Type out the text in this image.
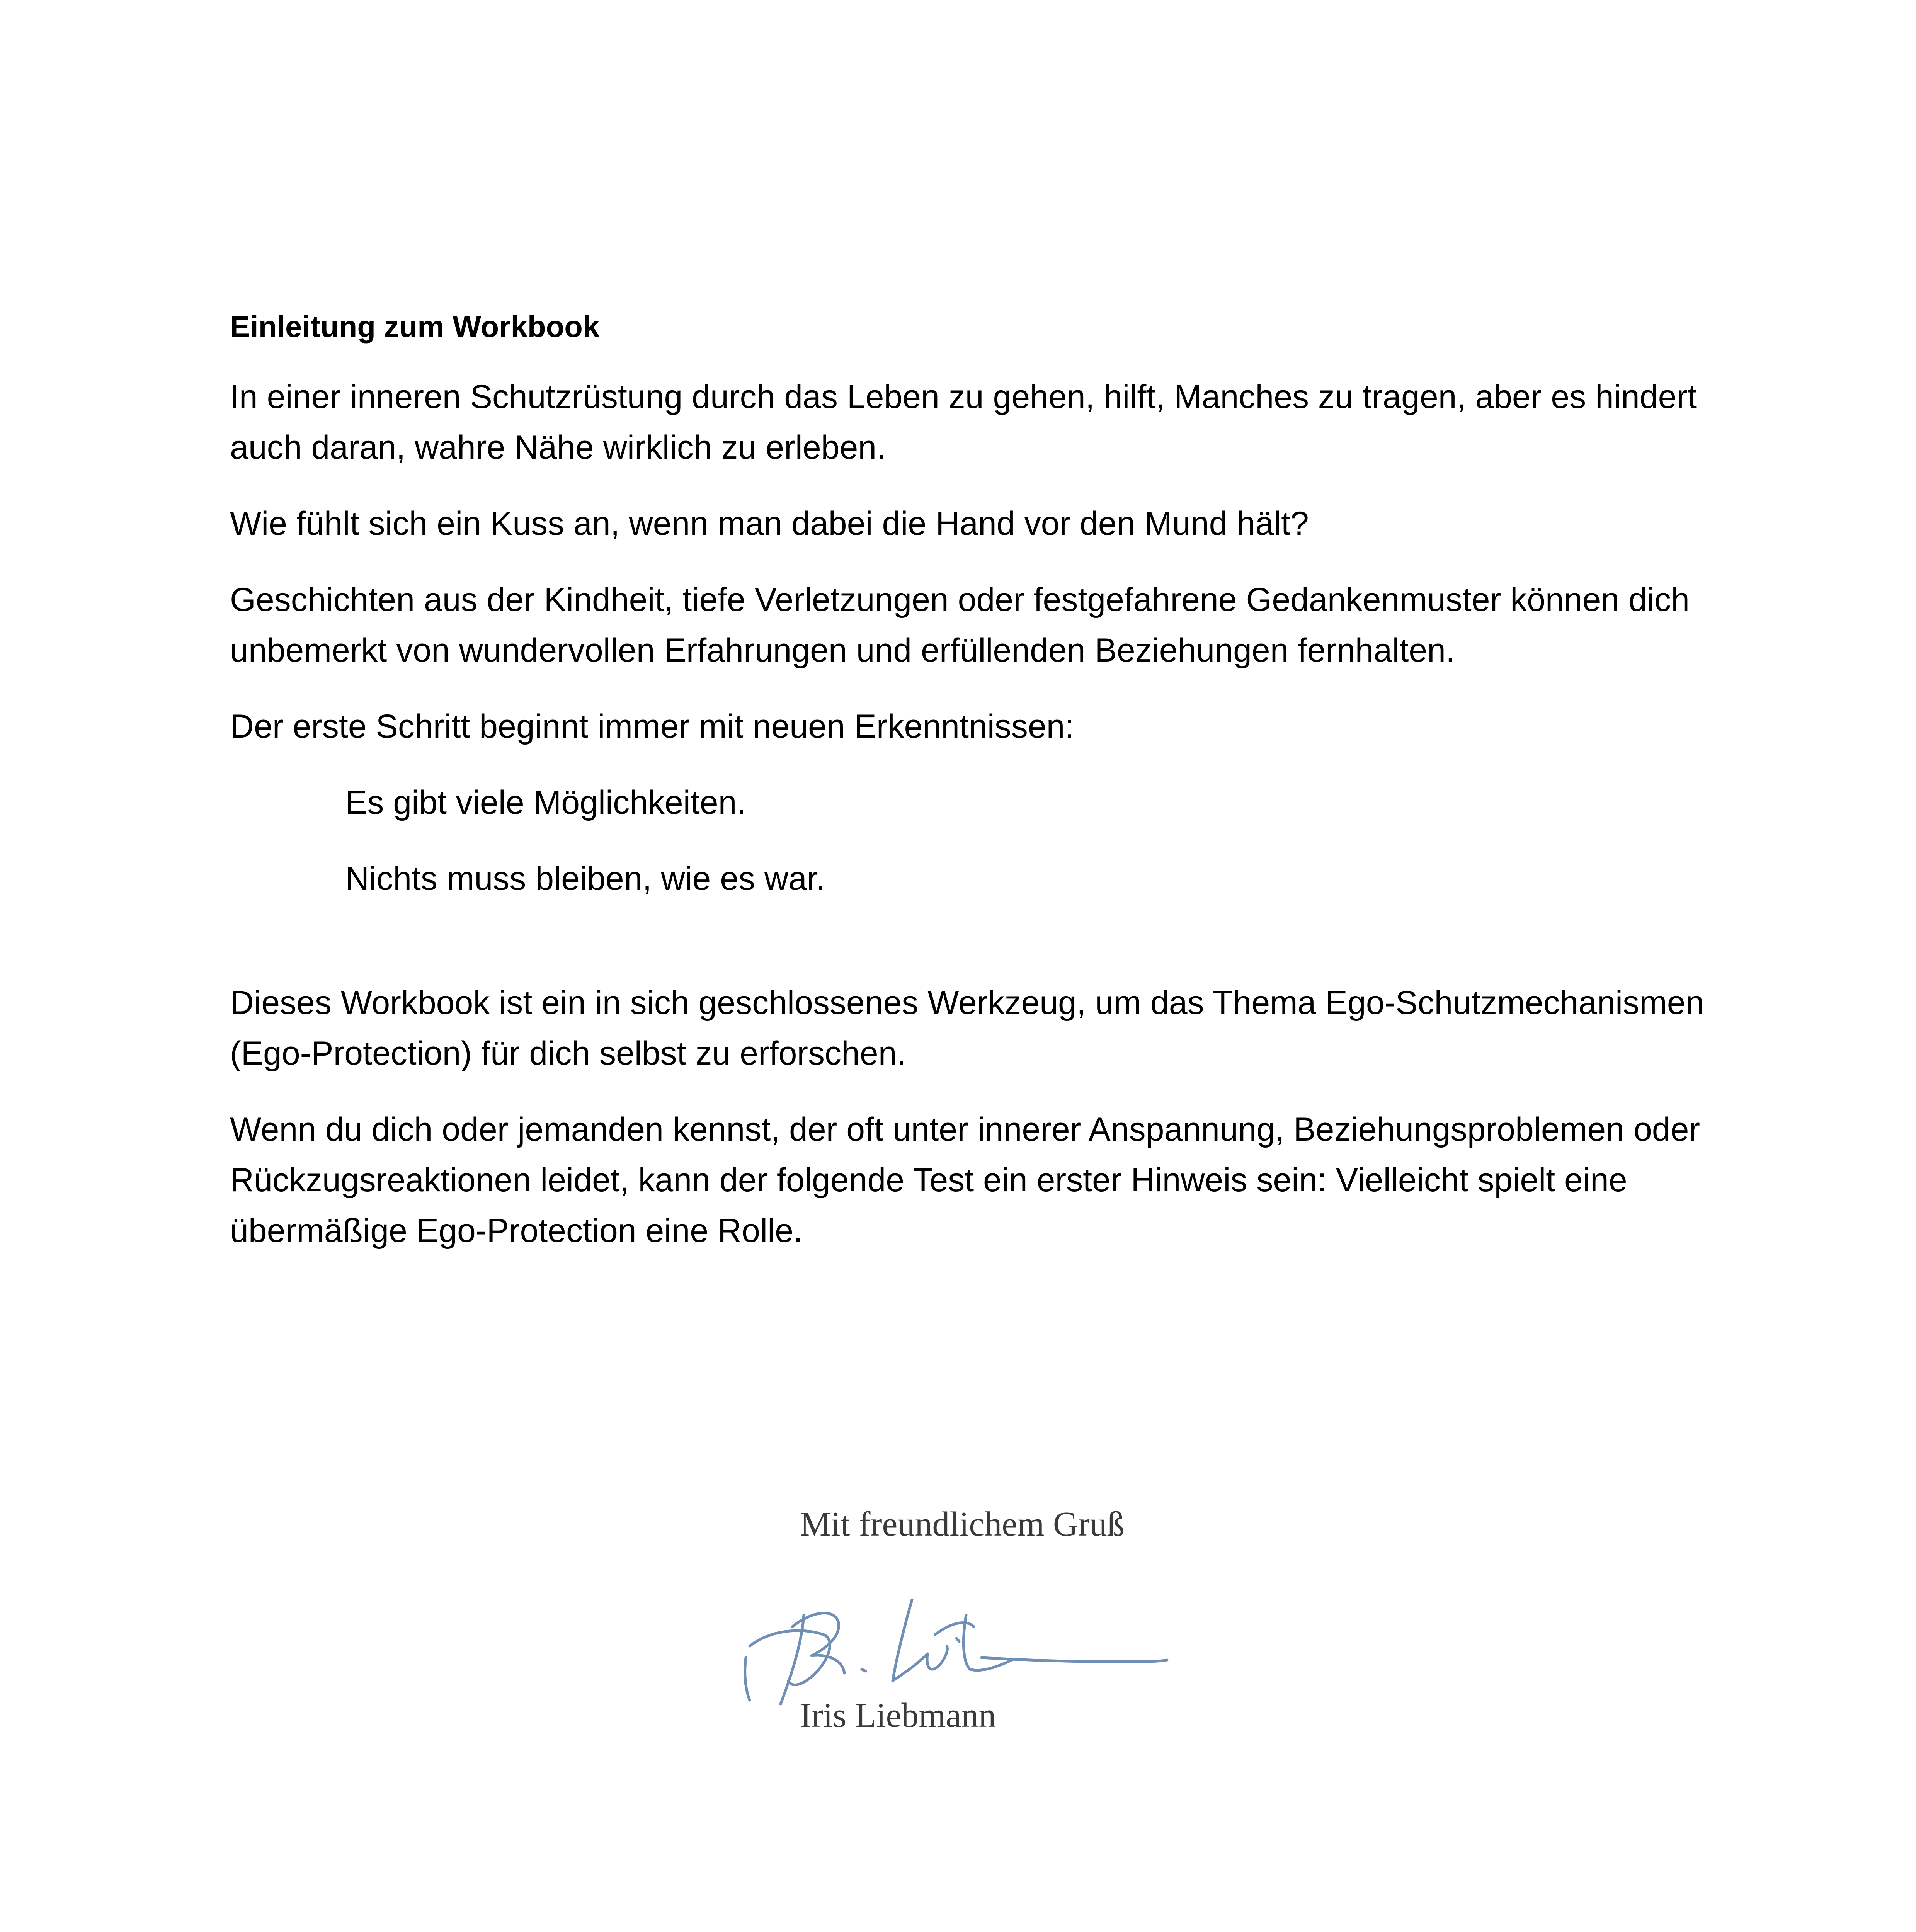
Einleitung zum Workbook

In einer inneren Schutzrüstung durch das Leben zu gehen, hilft, Manches zu tragen, aber es hindert auch daran, wahre Nähe wirklich zu erleben.

Wie fühlt sich ein Kuss an, wenn man dabei die Hand vor den Mund hält?

Geschichten aus der Kindheit, tiefe Verletzungen oder festgefahrene Gedankenmuster können dich unbemerkt von wundervollen Erfahrungen und erfüllenden Beziehungen fernhalten.

Der erste Schritt beginnt immer mit neuen Erkenntnissen:

Es gibt viele Möglichkeiten.

Nichts muss bleiben, wie es war.

Dieses Workbook ist ein in sich geschlossenes Werkzeug, um das Thema Ego-Schutzmechanismen (Ego-Protection) für dich selbst zu erforschen.

Wenn du dich oder jemanden kennst, der oft unter innerer Anspannung, Beziehungsproblemen oder Rückzugsreaktionen leidet, kann der folgende Test ein erster Hinweis sein: Vielleicht spielt eine übermäßige Ego-Protection eine Rolle.

Mit freundlichem Gruß
Iris Liebmann
